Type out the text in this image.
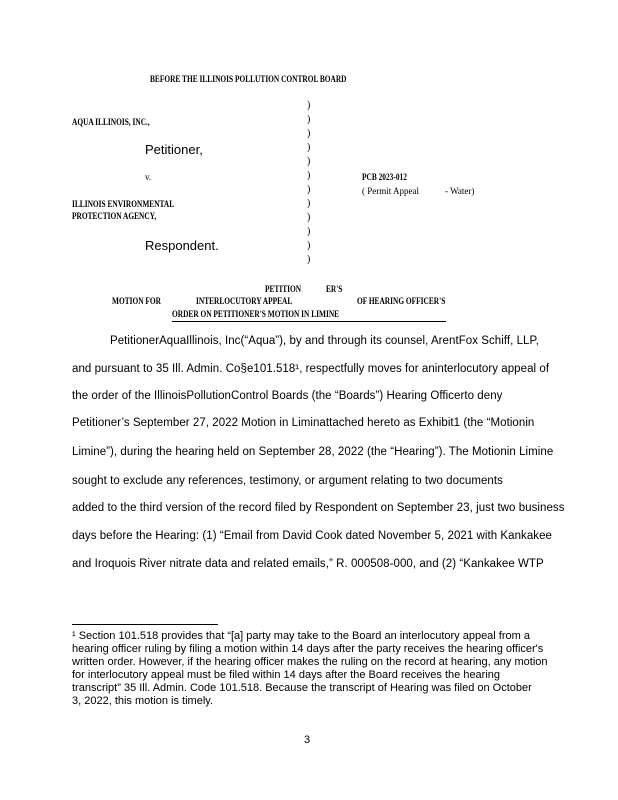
BEFORE THE ILLINOIS POLLUTION CONTROL BOARD
AQUA ILLINOIS, INC.,
Petitioner,
v.
ILLINOIS ENVIRONMENTAL
PROTECTION AGENCY,
Respondent.
)
)
)
)
)
)
)
)
)
)
)
)
PCB 2023-012
( Permit Appeal	- Water)
PETITION	ER'S
MOTION FOR	INTERLOCUTORY APPEAL	OF HEARING OFFICER'S
ORDER ON PETITIONER'S MOTION IN LIMINE
PetitionerAquaIllinois, Inc(“Aqua”), by and through its counsel, ArentFox Schiff, LLP,
and pursuant to 35 Ill. Admin. Co§e101.518¹, respectfully moves for aninterlocutory appeal of
the order of the IllinoisPollutionControl Boards (the “Boards”) Hearing Officerto deny
Petitioner’s September 27, 2022 Motion in Liminattached hereto as Exhibit1 (the “Motionin
Limine”), during the hearing held on September 28, 2022 (the “Hearing”). The Motionin Limine
sought to exclude any references, testimony, or argument relating to two documents
added to the third version of the record filed by Respondent on September 23, just two business
days before the Hearing: (1) “Email from David Cook dated November 5, 2021 with Kankakee
and Iroquois River nitrate data and related emails,” R. 000508-000, and (2) “Kankakee WTP
¹ Section 101.518 provides that “[a] party may take to the Board an interlocutory appeal from a
hearing officer ruling by filing a motion within 14 days after the party receives the hearing officer's
written order. However, if the hearing officer makes the ruling on the record at hearing, any motion
for interlocutory appeal must be filed within 14 days after the Board receives the hearing
transcript” 35 Ill. Admin. Code 101.518. Because the transcript of Hearing was filed on October
3, 2022, this motion is timely.
3
